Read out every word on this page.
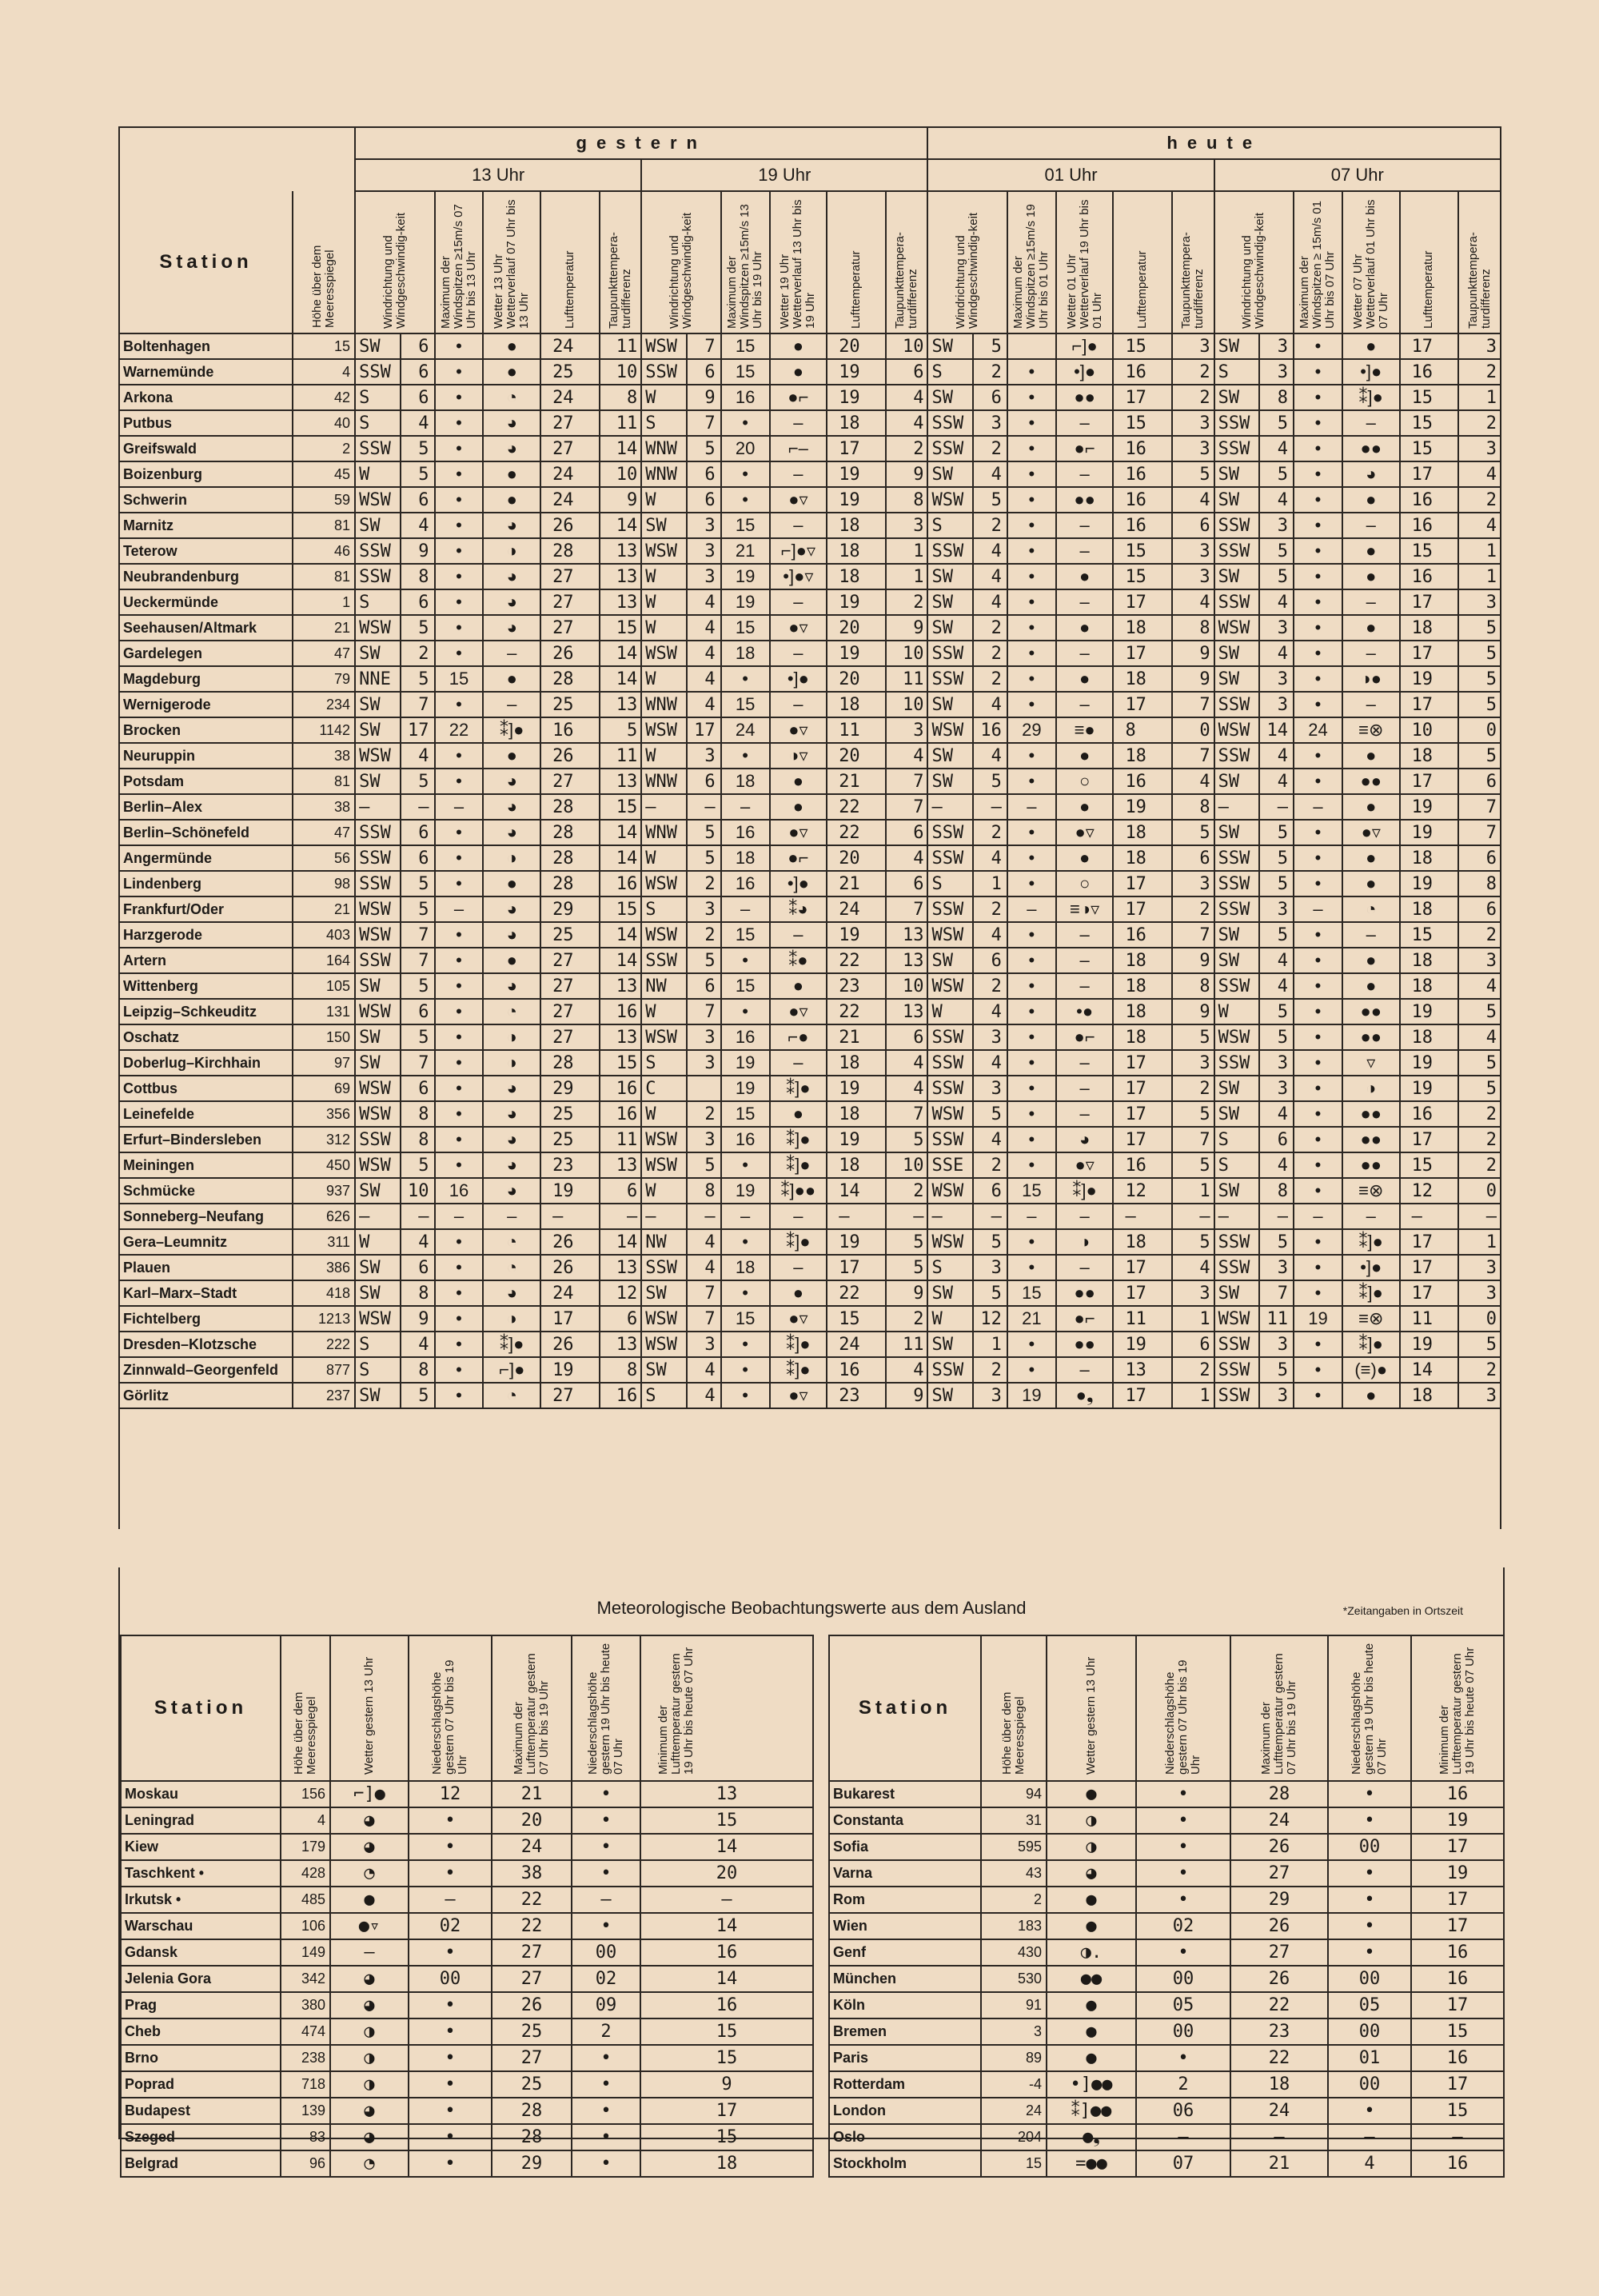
		gestern												heute											
		13 Uhr						19 Uhr						01 Uhr						07 Uhr					
Station	Höhe über dem Meeresspiegel	Windrichtung und Windgeschwindig-keit		Maximum der Windspitzen ≥15m/s 07 Uhr bis 13 Uhr	Wetter 13 Uhr Wetterverlauf 07 Uhr bis 13 Uhr	Lufttemperatur	Taupunkttempera-turdifferenz	Windrichtung und Windgeschwindig-keit		Maximum der Windspitzen ≥15m/s 13 Uhr bis 19 Uhr	Wetter 19 Uhr Wetterverlauf 13 Uhr bis 19 Uhr	Lufttemperatur	Taupunkttempera-turdifferenz	Windrichtung und Windgeschwindig-keit		Maximum der Windspitzen ≥15m/s 19 Uhr bis 01 Uhr	Wetter 01 Uhr Wetterverlauf 19 Uhr bis 01 Uhr	Lufttemperatur	Taupunkttempera-turdifferenz	Windrichtung und Windgeschwindig-keit		Maximum der Windspitzen ≥ 15m/s 01 Uhr bis 07 Uhr	Wetter 07 Uhr Wetterverlauf 01 Uhr bis 07 Uhr	Lufttemperatur	Taupunkttempera-turdifferenz
Boltenhagen	15	SW	6	•	●	24	11	WSW	7	15	●	20	10	SW	5		⌐]●	15	3	SW	3	•	●	17	3
Warnemünde	4	SSW	6	•	●	25	10	SSW	6	15	●	19	6	S	2	•	•]●	16	2	S	3	•	•]●	16	2
Arkona	42	S	6	•	◔	24	8	W	9	16	●⌐	19	4	SW	6	•	●●	17	2	SW	8	•	⁑]●	15	1
Putbus	40	S	4	•	◕	27	11	S	7	•	–	18	4	SSW	3	•	–	15	3	SSW	5	•	–	15	2
Greifswald	2	SSW	5	•	◕	27	14	WNW	5	20	⌐–	17	2	SSW	2	•	●⌐	16	3	SSW	4	•	●●	15	3
Boizenburg	45	W	5	•	●	24	10	WNW	6	•	–	19	9	SW	4	•	–	16	5	SW	5	•	◕	17	4
Schwerin	59	WSW	6	•	●	24	9	W	6	•	●▿	19	8	WSW	5	•	●●	16	4	SW	4	•	●	16	2
Marnitz	81	SW	4	•	◕	26	14	SW	3	15	–	18	3	S	2	•	–	16	6	SSW	3	•	–	16	4
Teterow	46	SSW	9	•	◑	28	13	WSW	3	21	⌐]●▿	18	1	SSW	4	•	–	15	3	SSW	5	•	●	15	1
Neubrandenburg	81	SSW	8	•	◕	27	13	W	3	19	•]●▿	18	1	SW	4	•	●	15	3	SW	5	•	●	16	1
Ueckermünde	1	S	6	•	◕	27	13	W	4	19	–	19	2	SW	4	•	–	17	4	SSW	4	•	–	17	3
Seehausen/Altmark	21	WSW	5	•	◕	27	15	W	4	15	●▿	20	9	SW	2	•	●	18	8	WSW	3	•	●	18	5
Gardelegen	47	SW	2	•	–	26	14	WSW	4	18	–	19	10	SSW	2	•	–	17	9	SW	4	•	–	17	5
Magdeburg	79	NNE	5	15	●	28	14	W	4	•	•]●	20	11	SSW	2	•	●	18	9	SW	3	•	◑●	19	5
Wernigerode	234	SW	7	•	–	25	13	WNW	4	15	–	18	10	SW	4	•	–	17	7	SSW	3	•	–	17	5
Brocken	1142	SW	17	22	⁑]●	16	5	WSW	17	24	●▿	11	3	WSW	16	29	≡●	8	0	WSW	14	24	≡⊗	10	0
Neuruppin	38	WSW	4	•	●	26	11	W	3	•	◑▿	20	4	SW	4	•	●	18	7	SSW	4	•	●	18	5
Potsdam	81	SW	5	•	◕	27	13	WNW	6	18	●	21	7	SW	5	•	○	16	4	SW	4	•	●●	17	6
Berlin–Alex	38	–	–	–	◕	28	15	–	–	–	●	22	7	–	–	–	●	19	8	–	–	–	●	19	7
Berlin–Schönefeld	47	SSW	6	•	◕	28	14	WNW	5	16	●▿	22	6	SSW	2	•	●▿	18	5	SW	5	•	●▿	19	7
Angermünde	56	SSW	6	•	◑	28	14	W	5	18	●⌐	20	4	SSW	4	•	●	18	6	SSW	5	•	●	18	6
Lindenberg	98	SSW	5	•	●	28	16	WSW	2	16	•]●	21	6	S	1	•	○	17	3	SSW	5	•	●	19	8
Frankfurt/Oder	21	WSW	5	–	◕	29	15	S	3	–	⁑◕	24	7	SSW	2	–	≡◑▿	17	2	SSW	3	–	◔	18	6
Harzgerode	403	WSW	7	•	◕	25	14	WSW	2	15	–	19	13	WSW	4	•	–	16	7	SW	5	•	–	15	2
Artern	164	SSW	7	•	●	27	14	SSW	5	•	⁑●	22	13	SW	6	•	–	18	9	SW	4	•	●	18	3
Wittenberg	105	SW	5	•	◕	27	13	NW	6	15	●	23	10	WSW	2	•	–	18	8	SSW	4	•	●	18	4
Leipzig–Schkeuditz	131	WSW	6	•	◔	27	16	W	7	•	●▿	22	13	W	4	•	•●	18	9	W	5	•	●●	19	5
Oschatz	150	SW	5	•	◑	27	13	WSW	3	16	⌐●	21	6	SSW	3	•	●⌐	18	5	WSW	5	•	●●	18	4
Doberlug–Kirchhain	97	SW	7	•	◑	28	15	S	3	19	–	18	4	SSW	4	•	–	17	3	SSW	3	•	▿	19	5
Cottbus	69	WSW	6	•	◕	29	16	C		19	⁑]●	19	4	SSW	3	•	–	17	2	SW	3	•	◑	19	5
Leinefelde	356	WSW	8	•	◕	25	16	W	2	15	●	18	7	WSW	5	•	–	17	5	SW	4	•	●●	16	2
Erfurt–Bindersleben	312	SSW	8	•	◕	25	11	WSW	3	16	⁑]●	19	5	SSW	4	•	◕	17	7	S	6	•	●●	17	2
Meiningen	450	WSW	5	•	◕	23	13	WSW	5	•	⁑]●	18	10	SSE	2	•	●▿	16	5	S	4	•	●●	15	2
Schmücke	937	SW	10	16	◕	19	6	W	8	19	⁑]●●	14	2	WSW	6	15	⁑]●	12	1	SW	8	•	≡⊗	12	0
Sonneberg–Neufang	626	–	–	–	–	–	–	–	–	–	–	–	–	–	–	–	–	–	–	–	–	–	–	–	–
Gera–Leumnitz	311	W	4	•	◔	26	14	NW	4	•	⁑]●	19	5	WSW	5	•	◑	18	5	SSW	5	•	⁑]●	17	1
Plauen	386	SW	6	•	◔	26	13	SSW	4	18	–	17	5	S	3	•	–	17	4	SSW	3	•	•]●	17	3
Karl–Marx–Stadt	418	SW	8	•	◕	24	12	SW	7	•	●	22	9	SW	5	15	●●	17	3	SW	7	•	⁑]●	17	3
Fichtelberg	1213	WSW	9	•	◑	17	6	WSW	7	15	●▿	15	2	W	12	21	●⌐	11	1	WSW	11	19	≡⊗	11	0
Dresden–Klotzsche	222	S	4	•	⁑]●	26	13	WSW	3	•	⁑]●	24	11	SW	1	•	●●	19	6	SSW	3	•	⁑]●	19	5
Zinnwald–Georgenfeld	877	S	8	•	⌐]●	19	8	SW	4	•	⁑]●	16	4	SSW	2	•	–	13	2	SSW	5	•	(≡)●	14	2
Görlitz	237	SW	5	•	◔	27	16	S	4	•	●▿	23	9	SW	3	19	●❟	17	1	SSW	3	•	●	18	3

Meteorologische Beobachtungswerte aus dem Ausland	*Zeitangaben in Ortszeit
Station	Höhe über dem Meeresspiegel	Wetter gestern 13 Uhr	Niederschlagshöhe gestern 07 Uhr bis 19 Uhr	Maximum der Lufttemperatur gestern 07 Uhr bis 19 Uhr	Niederschlagshöhe gestern 19 Uhr bis heute 07 Uhr	Minimum der Lufttemperatur gestern 19 Uhr bis heute 07 Uhr
Moskau	156	⌐]●	12	21	•	13
Leningrad	4	◕	•	20	•	15
Kiew	179	◕	•	24	•	14
Taschkent •	428	◔	•	38	•	20
Irkutsk •	485	●	–	22	–	–
Warschau	106	●▿	02	22	•	14
Gdansk	149	–	•	27	00	16
Jelenia Gora	342	◕	00	27	02	14
Prag	380	◕	•	26	09	16
Cheb	474	◑	•	25	2	15
Brno	238	◑	•	27	•	15
Poprad	718	◑	•	25	•	9
Budapest	139	◕	•	28	•	17
Szeged	83	◕	•	28	•	15
Belgrad	96	◔	•	29	•	18
Station	Höhe über dem Meeresspiegel	Wetter gestern 13 Uhr	Niederschlagshöhe gestern 07 Uhr bis 19 Uhr	Maximum der Lufttemperatur gestern 07 Uhr bis 19 Uhr	Niederschlagshöhe gestern 19 Uhr bis heute 07 Uhr	Minimum der Lufttemperatur gestern 19 Uhr bis heute 07 Uhr
Bukarest	94	●	•	28	•	16
Constanta	31	◑	•	24	•	19
Sofia	595	◑	•	26	00	17
Varna	43	◕	•	27	•	19
Rom	2	●	•	29	•	17
Wien	183	●	02	26	•	17
Genf	430	◑.	•	27	•	16
München	530	●●	00	26	00	16
Köln	91	●	05	22	05	17
Bremen	3	●	00	23	00	15
Paris	89	●	•	22	01	16
Rotterdam	-4	•]●●	2	18	00	17
London	24	⁑]●●	06	24	•	15
Oslo	204	●❟	–	–	–	–
Stockholm	15	=●●	07	21	4	16
